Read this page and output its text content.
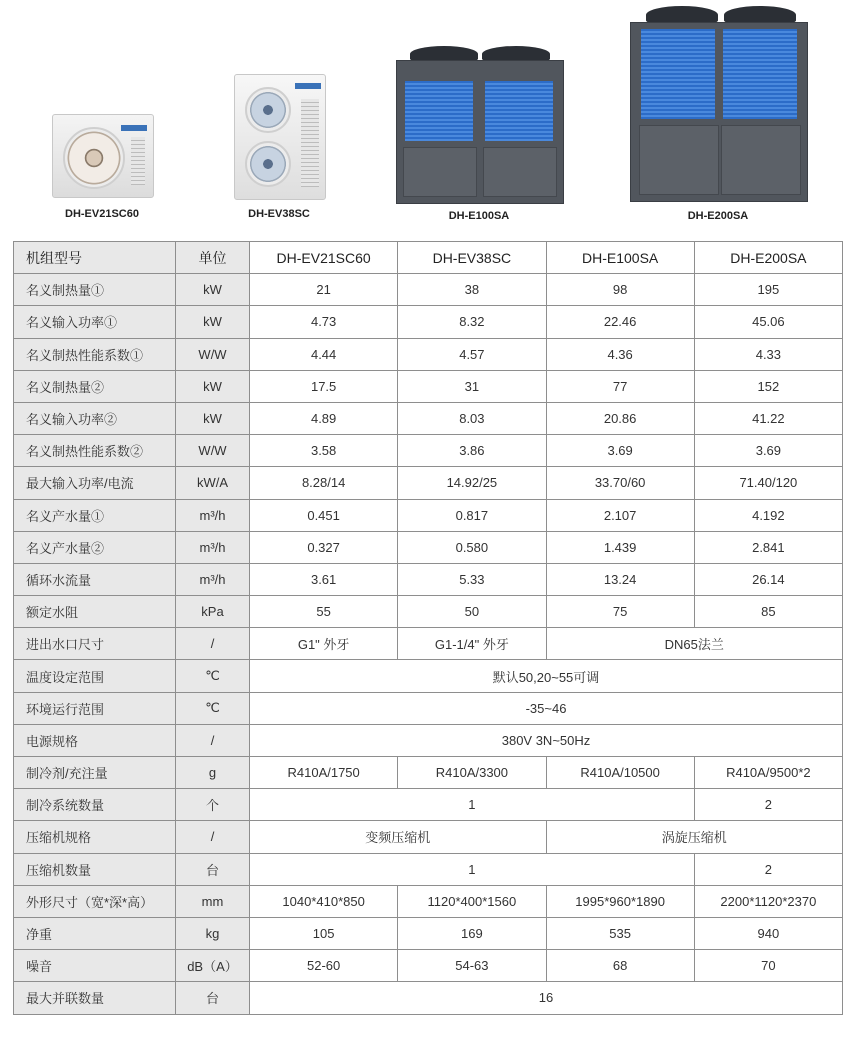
DH-EV21SC60	DH-EV38SC	DH-E100SA	DH-E200SA
机组型号	单位	DH-EV21SC60	DH-EV38SC	DH-E100SA	DH-E200SA
名义制热量①	kW	21	38	98	195
名义输入功率①	kW	4.73	8.32	22.46	45.06
名义制热性能系数①	W/W	4.44	4.57	4.36	4.33
名义制热量②	kW	17.5	31	77	152
名义输入功率②	kW	4.89	8.03	20.86	41.22
名义制热性能系数②	W/W	3.58	3.86	3.69	3.69
最大输入功率/电流	kW/A	8.28/14	14.92/25	33.70/60	71.40/120
名义产水量①	m³/h	0.451	0.817	2.107	4.192
名义产水量②	m³/h	0.327	0.580	1.439	2.841
循环水流量	m³/h	3.61	5.33	13.24	26.14
额定水阻	kPa	55	50	75	85
进出水口尺寸	/	G1" 外牙	G1-1/4" 外牙	DN65法兰	
温度设定范围	℃	默认50,20~55可调			
环境运行范围	℃	-35~46			
电源规格	/	380V 3N~50Hz			
制冷剂/充注量	g	R410A/1750	R410A/3300	R410A/10500	R410A/9500*2
制冷系统数量	个	1			2
压缩机规格	/	变频压缩机		涡旋压缩机	
压缩机数量	台	1			2
外形尺寸（宽*深*高）	mm	1040*410*850	1120*400*1560	1995*960*1890	2200*1120*2370
净重	kg	105	169	535	940
噪音	dB（A）	52-60	54-63	68	70
最大并联数量	台	16			
